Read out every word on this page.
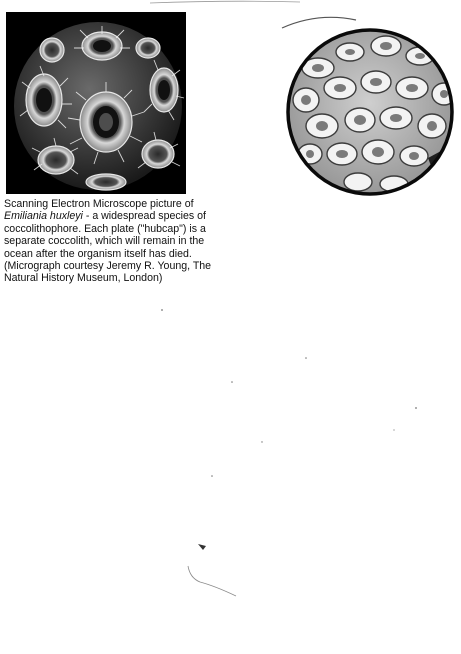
Scanning Electron Microscope picture of Emiliania huxleyi - a widespread species of coccolithophore. Each plate ("hubcap") is a separate coccolith, which will remain in the ocean after the organism itself has died. (Micrograph courtesy Jeremy R. Young, The Natural History Museum, London)
